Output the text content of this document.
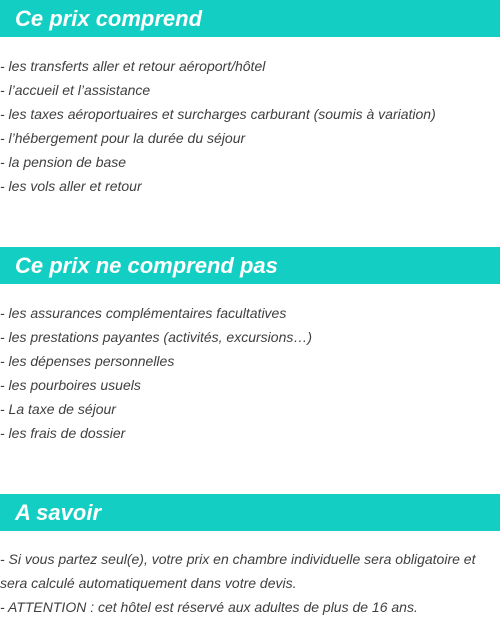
Ce prix comprend
- les transferts aller et retour aéroport/hôtel
- l’accueil et l’assistance
- les taxes aéroportuaires et surcharges carburant (soumis à variation)
- l’hébergement pour la durée du séjour
- la pension de base
- les vols aller et retour
Ce prix ne comprend pas
- les assurances complémentaires facultatives
- les prestations payantes (activités, excursions…)
- les dépenses personnelles
- les pourboires usuels
- La taxe de séjour
- les frais de dossier
A savoir

- Si vous partez seul(e), votre prix en chambre individuelle sera obligatoire et sera calculé automatiquement dans votre devis.

- ATTENTION : cet hôtel est réservé aux adultes de plus de 16 ans.
